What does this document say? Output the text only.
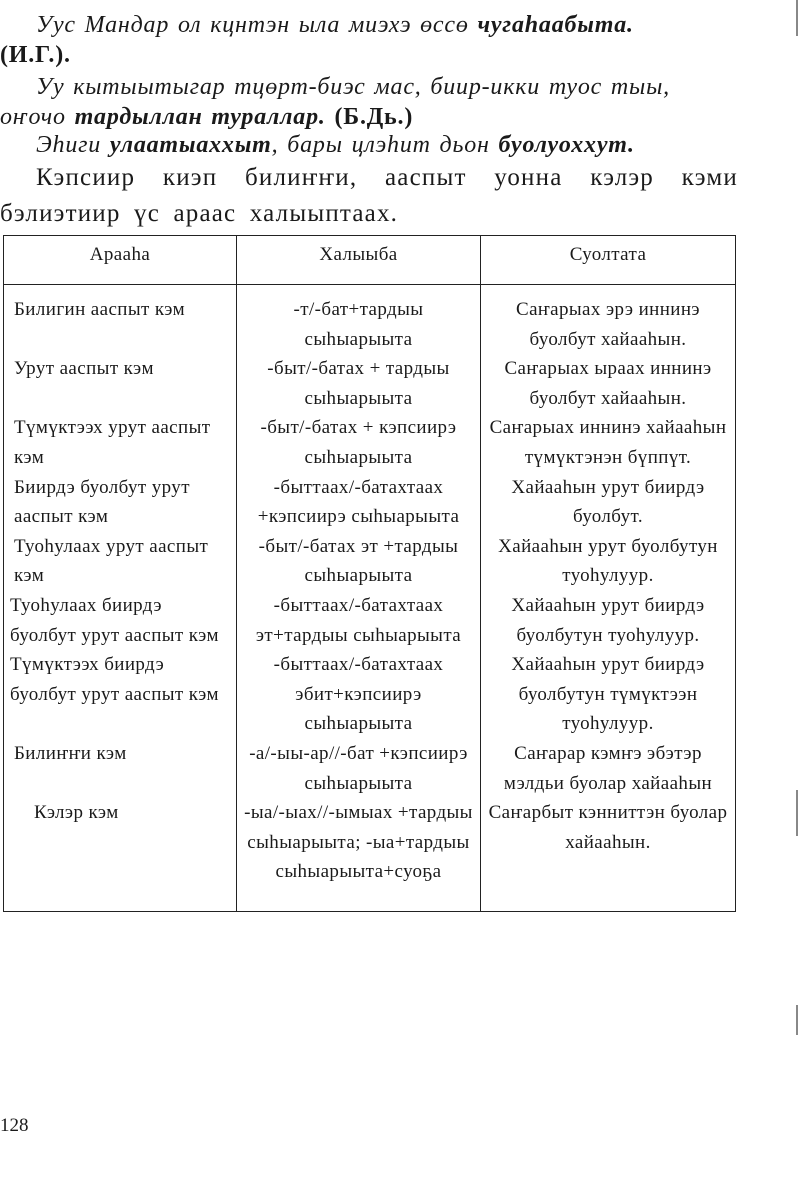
Уус Мандар ол кцнтэн ыла миэхэ өссө чугаһаабыта.
(И.Г.).
Уу кытыытыгар тцөрт-биэс мас, биир-икки туос тыы, оҥочо тардыллан тураллар. (Б.Дь.)
Эһиги улаатыаххыт, бары цлэһит дьон буолуоххут.
Кэпсиир киэп билиҥҥи, ааспыт уонна кэлэр кэми бэлиэтиир үс араас халыыптаах.
Арааһа	Халыыба	Суолтата
Билигин ааспыт кэм	-т/-бат+тардыы сыһыарыыта	Саҥарыах эрэ иннинэ буолбут хайааһын.
Урут ааспыт кэм	-быт/-батах + тардыы сыһыарыыта	Саҥарыах ыраах иннинэ буолбут хайааһын.
Түмүктээх урут ааспыт кэм	-быт/-батах + кэпсиирэ сыһыарыыта	Саҥарыах иннинэ хайааһын түмүктэнэн бүппүт.
Биирдэ буолбут урут ааспыт кэм	-быттаах/-батахтаах +кэпсиирэ сыһыарыыта	Хайааһын урут биирдэ буолбут.
Туоһулаах урут ааспыт кэм	-быт/-батах эт +тардыы сыһыарыыта	Хайааһын урут буолбутун туоһулуур.
Туоһулаах биирдэ буолбут урут ааспыт кэм	-быттаах/-батахтаах эт+тардыы сыһыарыыта	Хайааһын урут биирдэ буолбутун туоһулуур.
Түмүктээх биирдэ буолбут урут ааспыт кэм	-быттаах/-батахтаах эбит+кэпсиирэ сыһыарыыта	Хайааһын урут биирдэ буолбутун түмүктээн туоһулуур.
Билиҥҥи кэм	-а/-ыы-ар//-бат +кэпсиирэ сыһыарыыта	Саҥарар кэмҥэ эбэтэр мэлдьи буолар хайааһын
Кэлэр кэм	-ыа/-ыах//-ымыах +тардыы сыһыарыыта; -ыа+тардыы сыһыарыыта+суоҕа	Саҥарбыт кэнниттэн буолар хайааһын.
128
